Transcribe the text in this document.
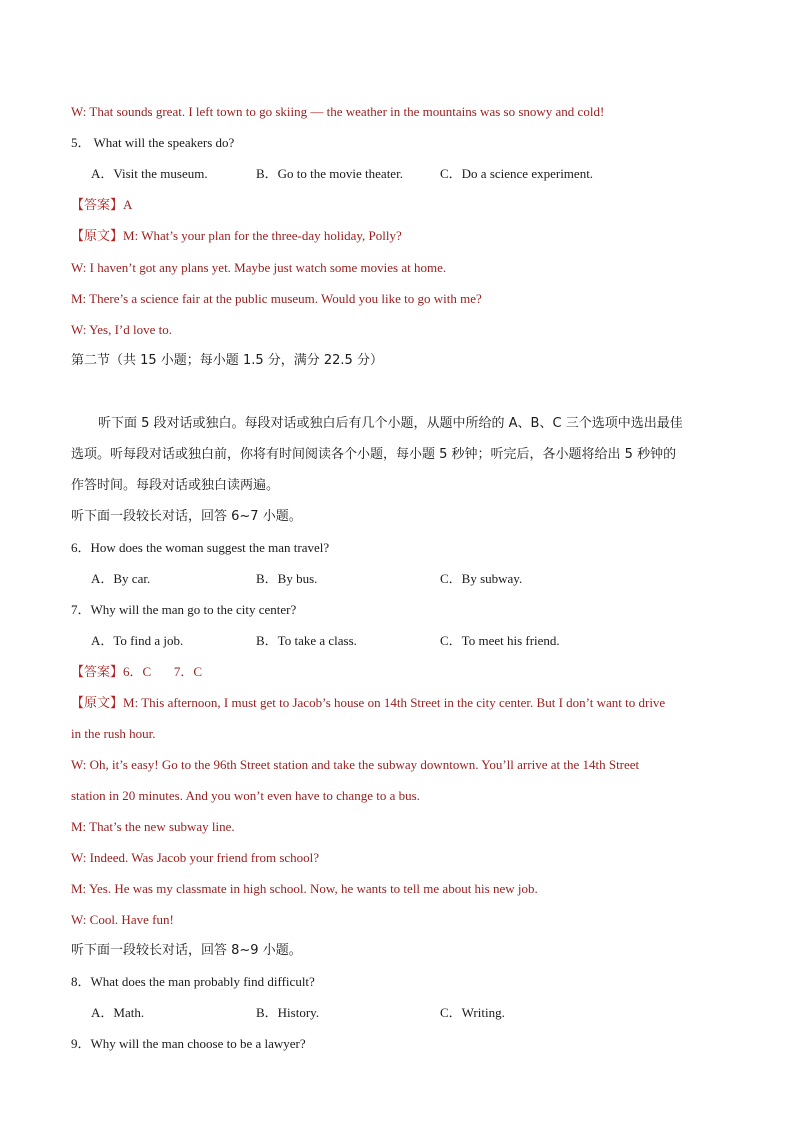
W: That sounds great. I left town to go skiing — the weather in the mountains was so snowy and cold!
5． What will the speakers do?
A．Visit the museum.	B．Go to the movie theater.	C．Do a science experiment.
【答案】A
【原文】M: What’s your plan for the three-day holiday, Polly?
W: I haven’t got any plans yet. Maybe just watch some movies at home.
M: There’s a science fair at the public museum. Would you like to go with me?
W: Yes, I’d love to.
第二节（共 15 小题；每小题 1.5 分，满分 22.5 分）
听下面 5 段对话或独白。每段对话或独白后有几个小题，从题中所给的 A、B、C 三个选项中选出最佳
选项。听每段对话或独白前，你将有时间阅读各个小题，每小题 5 秒钟；听完后，各小题将给出 5 秒钟的
作答时间。每段对话或独白读两遍。
听下面一段较长对话，回答 6~7 小题。
6．How does the woman suggest the man travel?
A．By car.	B．By bus.	C．By subway.
7．Why will the man go to the city center?
A．To find a job.	B．To take a class.	C．To meet his friend.
【答案】6．C       7．C
【原文】M: This afternoon, I must get to Jacob’s house on 14th Street in the city center. But I don’t want to drive
in the rush hour.
W: Oh, it’s easy! Go to the 96th Street station and take the subway downtown. You’ll arrive at the 14th Street
station in 20 minutes. And you won’t even have to change to a bus.
M: That’s the new subway line.
W: Indeed. Was Jacob your friend from school?
M: Yes. He was my classmate in high school. Now, he wants to tell me about his new job.
W: Cool. Have fun!
听下面一段较长对话，回答 8~9 小题。
8．What does the man probably find difficult?
A．Math.	B．History.	C．Writing.
9．Why will the man choose to be a lawyer?
